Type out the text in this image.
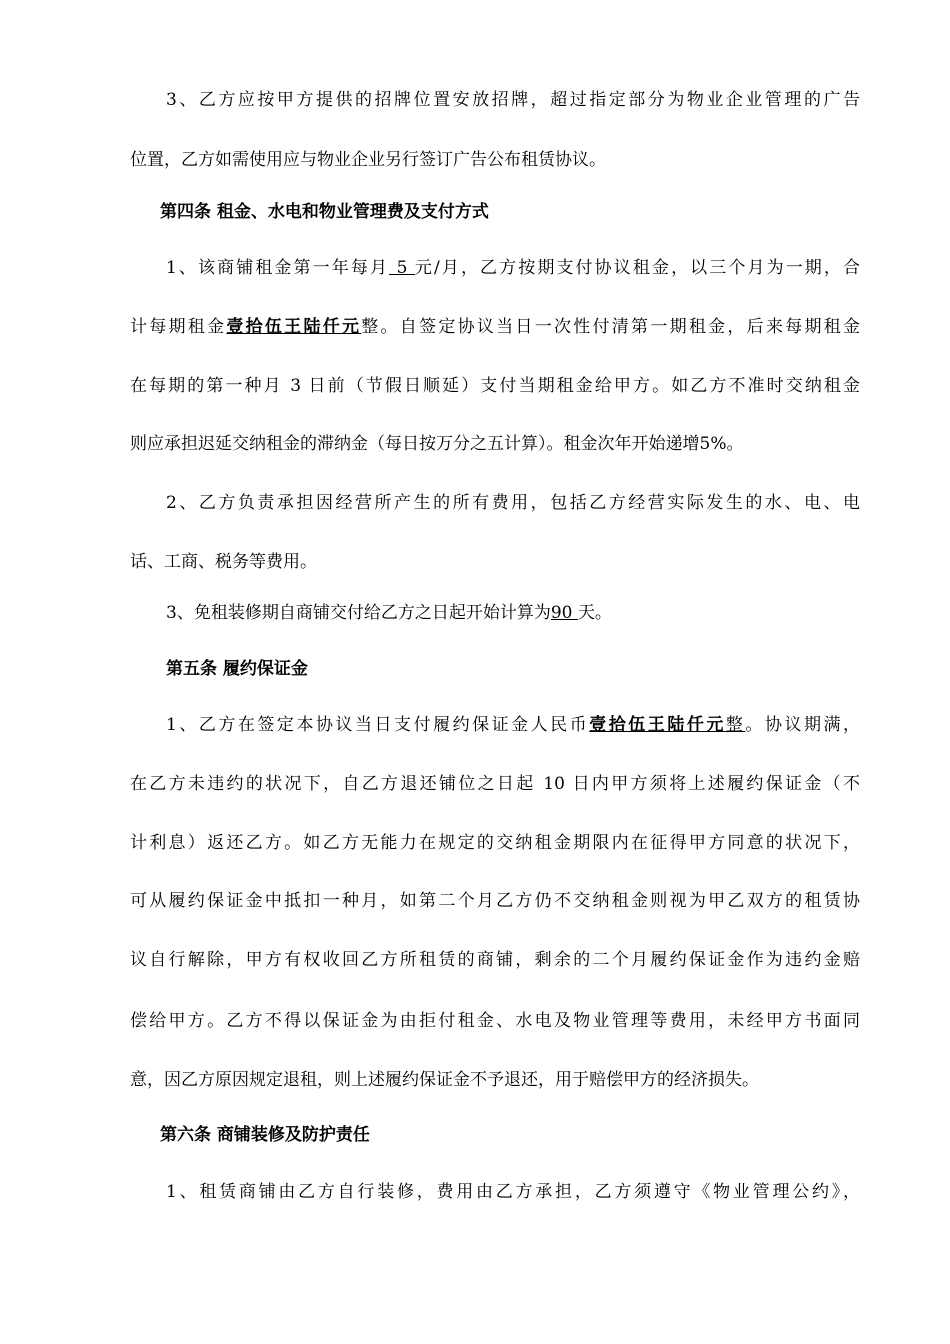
3、乙方应按甲方提供的招牌位置安放招牌，超过指定部分为物业企业管理的广告
位置，乙方如需使用应与物业企业另行签订广告公布租赁协议。
第四条 租金、水电和物业管理费及支付方式
1、该商铺租金第一年每月 5 元/月，乙方按期支付协议租金，以三个月为一期，合
计每期租金壹拾伍王陆仟元整。自签定协议当日一次性付清第一期租金，后来每期租金
在每期的第一种月 3 日前（节假日顺延）支付当期租金给甲方。如乙方不准时交纳租金
则应承担迟延交纳租金的滞纳金（每日按万分之五计算）。租金次年开始递增5%。
2、乙方负责承担因经营所产生的所有费用，包括乙方经营实际发生的水、电、电
话、工商、税务等费用。
3、免租装修期自商铺交付给乙方之日起开始计算为90 天。
第五条 履约保证金
1、乙方在签定本协议当日支付履约保证金人民币壹拾伍王陆仟元整。协议期满，
在乙方未违约的状况下，自乙方退还铺位之日起 10 日内甲方须将上述履约保证金（不
计利息）返还乙方。如乙方无能力在规定的交纳租金期限内在征得甲方同意的状况下，
可从履约保证金中抵扣一种月，如第二个月乙方仍不交纳租金则视为甲乙双方的租赁协
议自行解除，甲方有权收回乙方所租赁的商铺，剩余的二个月履约保证金作为违约金赔
偿给甲方。乙方不得以保证金为由拒付租金、水电及物业管理等费用，未经甲方书面同
意，因乙方原因规定退租，则上述履约保证金不予退还，用于赔偿甲方的经济损失。
第六条 商铺装修及防护责任
1、租赁商铺由乙方自行装修，费用由乙方承担，乙方须遵守《物业管理公约》，
